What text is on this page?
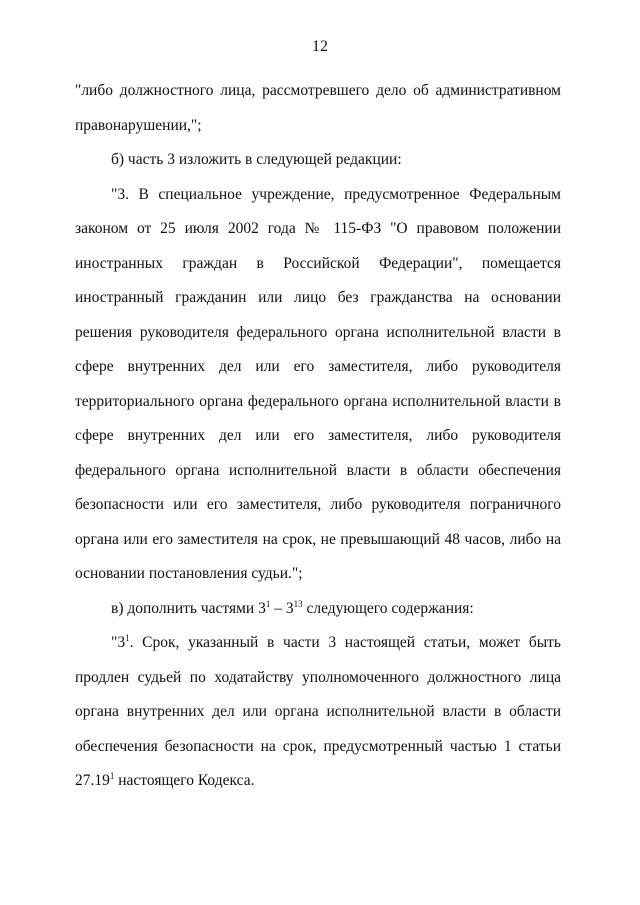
12

"либо должностного лица, рассмотревшего дело об административном правонарушении,";

б) часть 3 изложить в следующей редакции:

"3. В специальное учреждение, предусмотренное Федеральным законом от 25 июля 2002 года № 115-ФЗ "О правовом положении иностранных граждан в Российской Федерации", помещается иностранный гражданин или лицо без гражданства на основании решения руководителя федерального органа исполнительной власти в сфере внутренних дел или его заместителя, либо руководителя территориального органа федерального органа исполнительной власти в сфере внутренних дел или его заместителя, либо руководителя федерального органа исполнительной власти в области обеспечения безопасности или его заместителя, либо руководителя пограничного органа или его заместителя на срок, не превышающий 48 часов, либо на основании постановления судьи.";

в) дополнить частями $3^1 - 3^{13}$ следующего содержания:

"$3^1$. Срок, указанный в части 3 настоящей статьи, может быть продлен судьей по ходатайству уполномоченного должностного лица органа внутренних дел или органа исполнительной власти в области обеспечения безопасности на срок, предусмотренный частью 1 статьи 27.19$^1$ настоящего Кодекса.
